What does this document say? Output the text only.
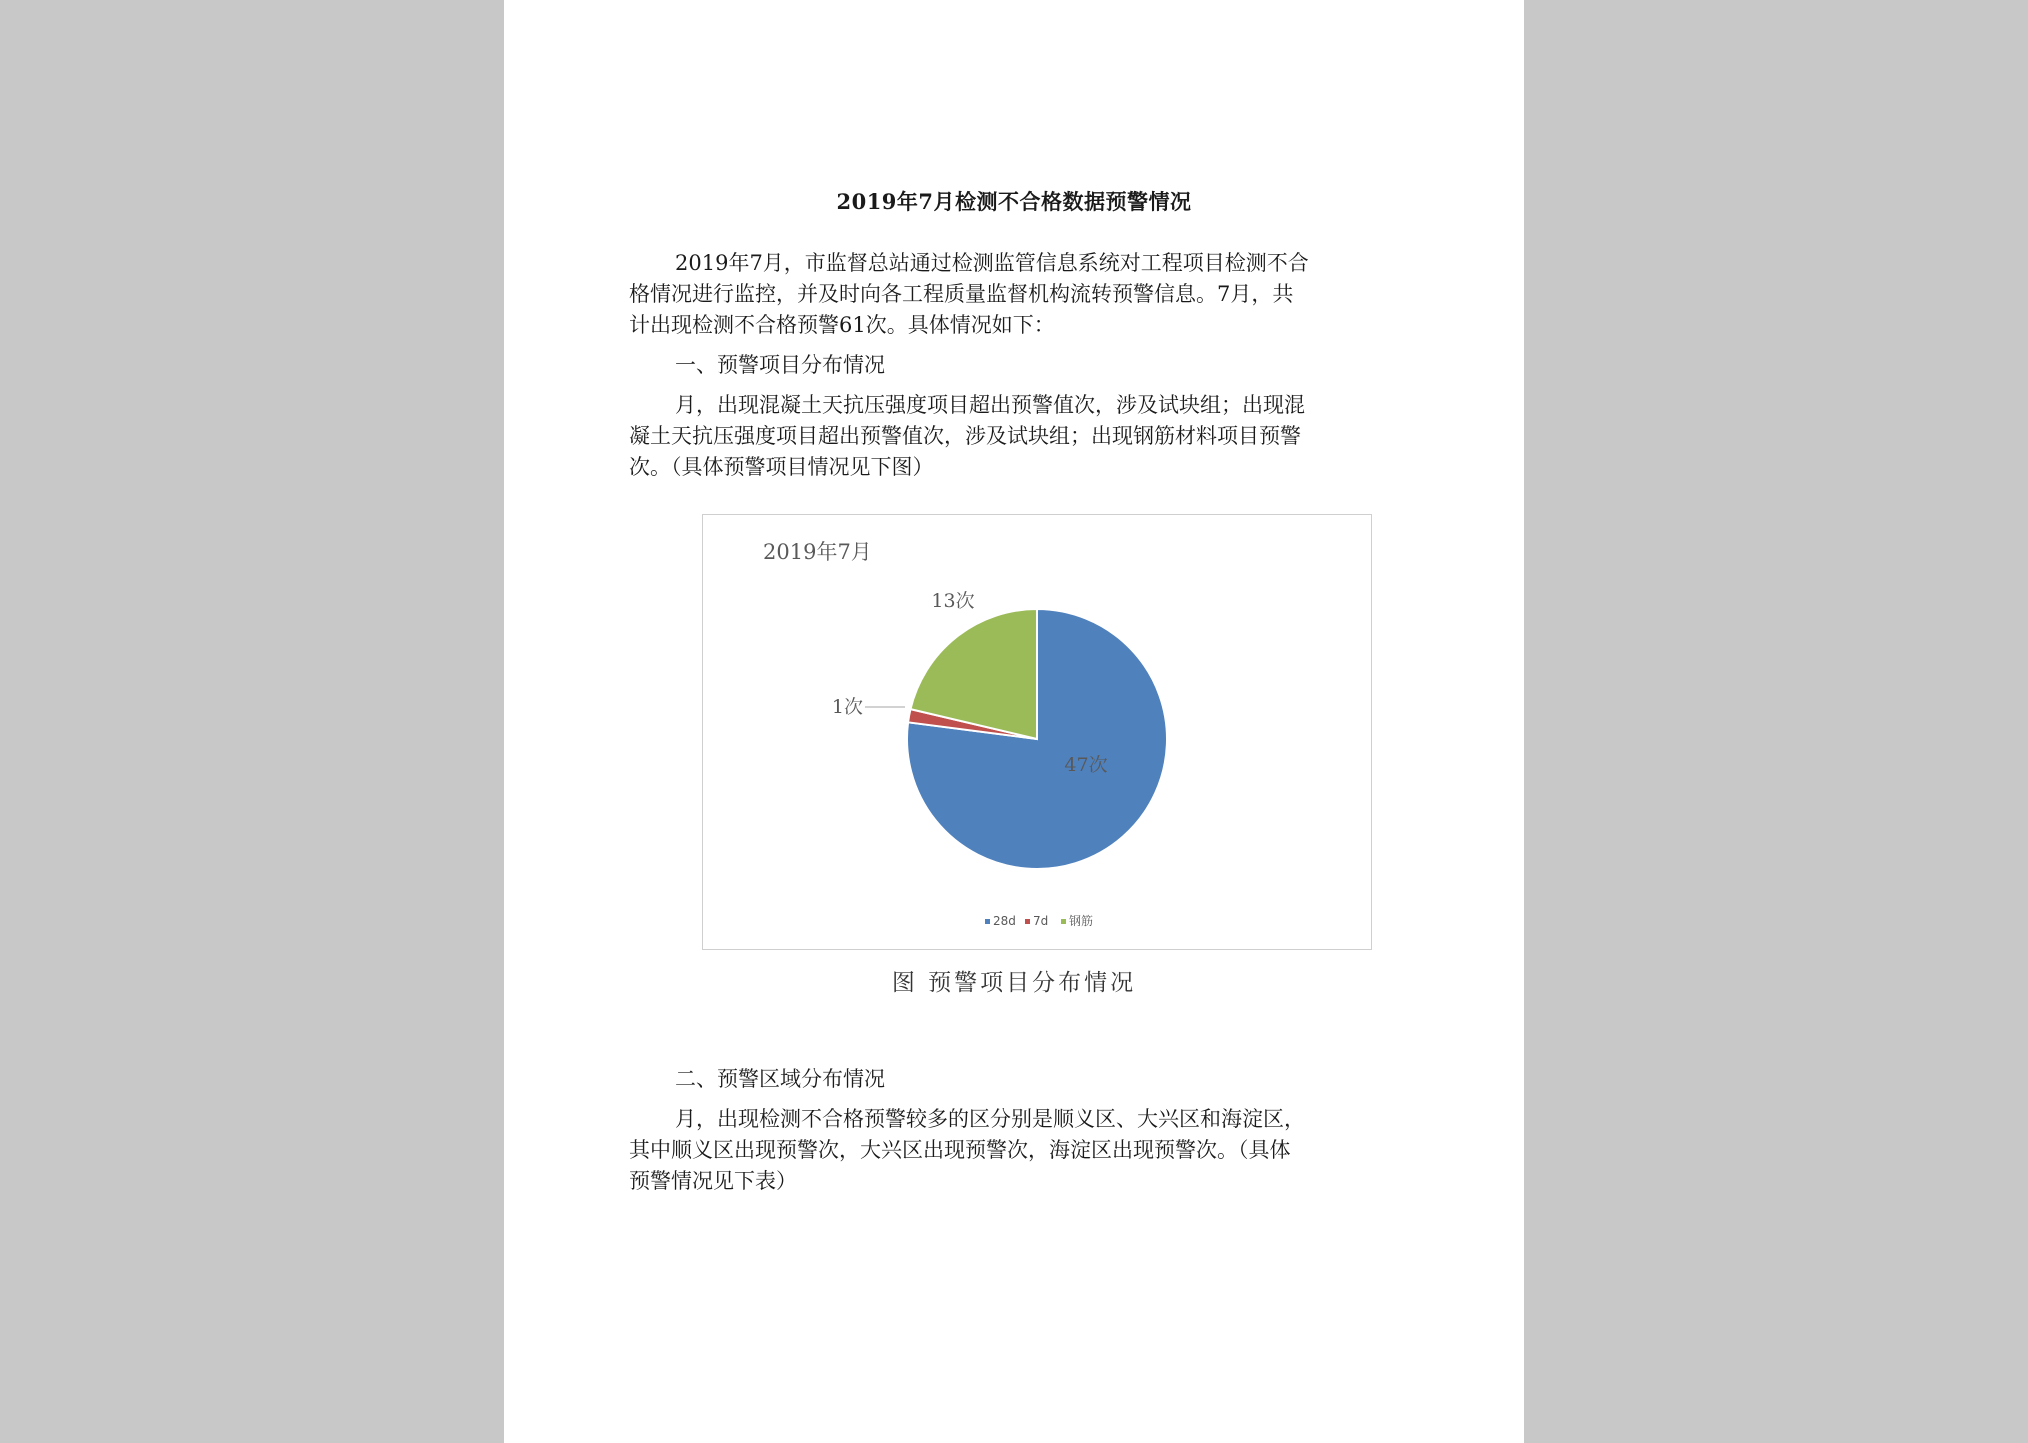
2019年7月检测不合格数据预警情况

2019年7月，市监督总站通过检测监管信息系统对工程项目检测不合
格情况进行监控，并及时向各工程质量监督机构流转预警信息。7月，共
计出现检测不合格预警61次。具体情况如下：

一、预警项目分布情况

月，出现混凝土天抗压强度项目超出预警值次，涉及试块组；出现混
凝土天抗压强度项目超出预警值次，涉及试块组；出现钢筋材料项目预警
次。（具体预警项目情况见下图）

2019年7月
47次
1次
13次
28d 7d 钢筋

图 预警项目分布情况

二、预警区域分布情况

月，出现检测不合格预警较多的区分别是顺义区、大兴区和海淀区，
其中顺义区出现预警次，大兴区出现预警次，海淀区出现预警次。（具体
预警情况见下表）
